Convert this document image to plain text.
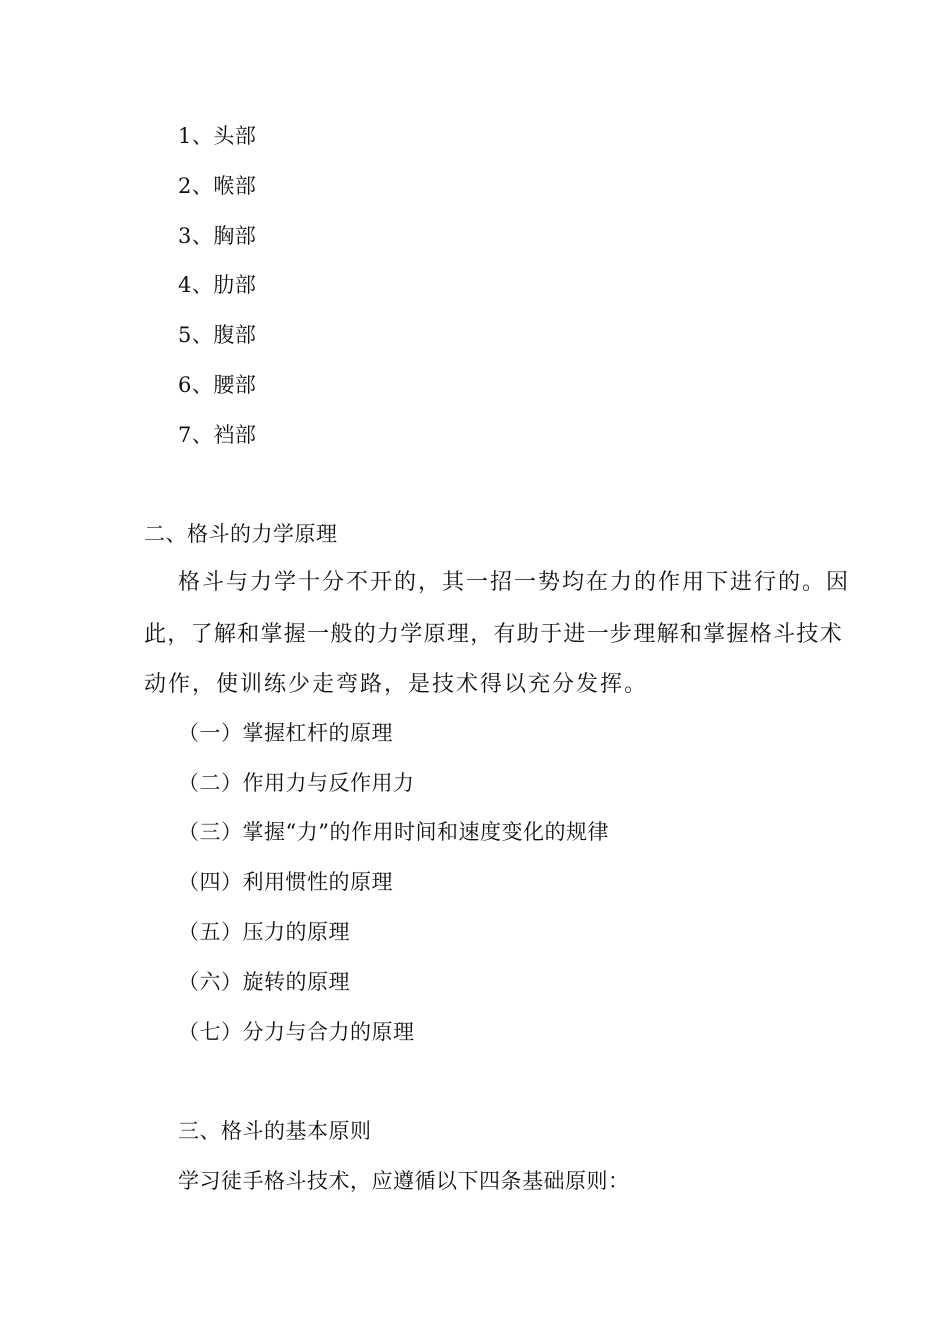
1、头部
2、喉部
3、胸部
4、肋部
5、腹部
6、腰部
7、裆部
二、格斗的力学原理
格斗与力学十分不开的，其一招一势均在力的作用下进行的。因
此，了解和掌握一般的力学原理，有助于进一步理解和掌握格斗技术
动作，使训练少走弯路，是技术得以充分发挥。
（一）掌握杠杆的原理
（二）作用力与反作用力
（三）掌握“力”的作用时间和速度变化的规律
（四）利用惯性的原理
（五）压力的原理
（六）旋转的原理
（七）分力与合力的原理
三、格斗的基本原则
学习徒手格斗技术，应遵循以下四条基础原则：
